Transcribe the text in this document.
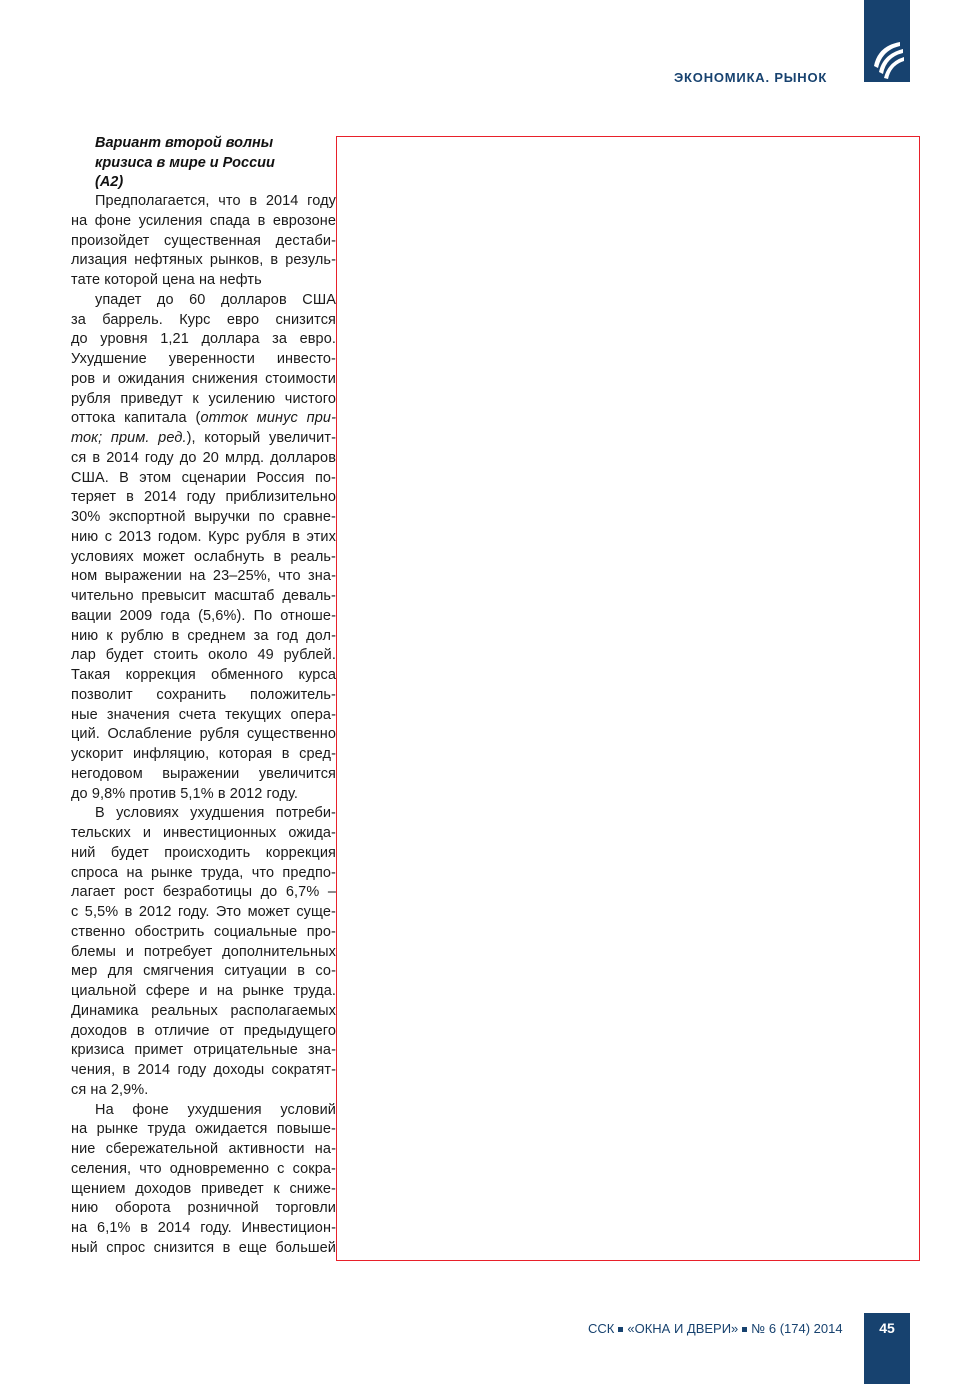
ЭКОНОМИКА. РЫНОК
Вариант второй волны
кризиса в мире и России
(А2)
Предполагается, что в 2014 году
на фоне усиления спада в еврозоне
произойдет существенная дестаби-
лизация нефтяных рынков, в резуль-
тате которой цена на нефть
упадет до 60 долларов США
за баррель. Курс евро снизится
до уровня 1,21 доллара за евро.
Ухудшение уверенности инвесто-
ров и ожидания снижения стоимости
рубля приведут к усилению чистого
оттока капитала (отток минус при-
ток; прим. ред.), который увеличит-
ся в 2014 году до 20 млрд. долларов
США. В этом сценарии Россия по-
теряет в 2014 году приблизительно
30% экспортной выручки по сравне-
нию с 2013 годом. Курс рубля в этих
условиях может ослабнуть в реаль-
ном выражении на 23–25%, что зна-
чительно превысит масштаб деваль-
вации 2009 года (5,6%). По отноше-
нию к рублю в среднем за год дол-
лар будет стоить около 49 рублей.
Такая коррекция обменного курса
позволит сохранить положитель-
ные значения счета текущих опера-
ций. Ослабление рубля существенно
ускорит инфляцию, которая в сред-
негодовом выражении увеличится
до 9,8% против 5,1% в 2012 году.
В условиях ухудшения потреби-
тельских и инвестиционных ожида-
ний будет происходить коррекция
спроса на рынке труда, что предпо-
лагает рост безработицы до 6,7% –
с 5,5% в 2012 году. Это может суще-
ственно обострить социальные про-
блемы и потребует дополнительных
мер для смягчения ситуации в со-
циальной сфере и на рынке труда.
Динамика реальных располагаемых
доходов в отличие от предыдущего
кризиса примет отрицательные зна-
чения, в 2014 году доходы сократят-
ся на 2,9%.
На фоне ухудшения условий
на рынке труда ожидается повыше-
ние сбережательной активности на-
селения, что одновременно с сокра-
щением доходов приведет к сниже-
нию оборота розничной торговли
на 6,1% в 2014 году. Инвестицион-
ный спрос снизится в еще большей
ССК «ОКНА И ДВЕРИ» № 6 (174) 2014	45
